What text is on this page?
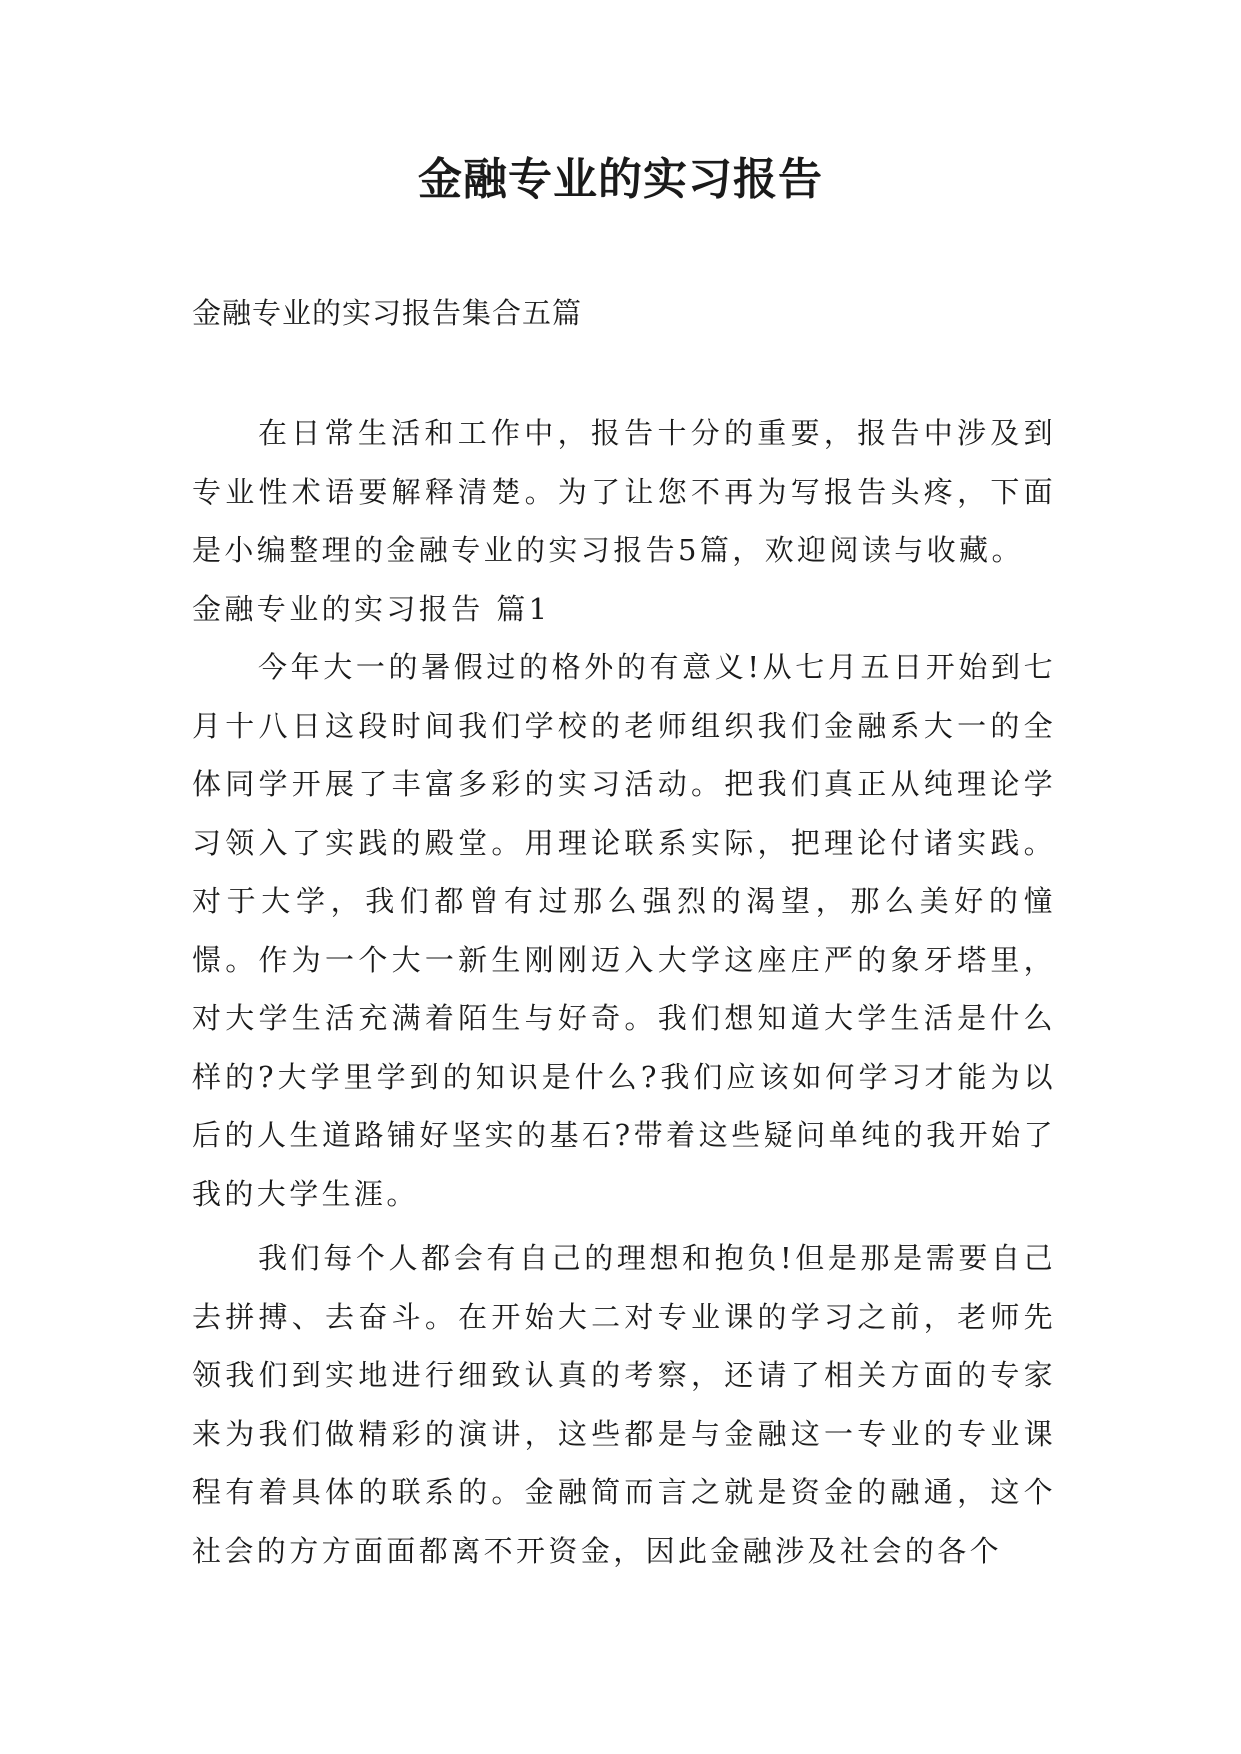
金融专业的实习报告
金融专业的实习报告集合五篇

在日常生活和工作中，报告十分的重要，报告中涉及到专业性术语要解释清楚。为了让您不再为写报告头疼，下面是小编整理的金融专业的实习报告5篇，欢迎阅读与收藏。

金融专业的实习报告 篇1

今年大一的暑假过的格外的有意义!从七月五日开始到七月十八日这段时间我们学校的老师组织我们金融系大一的全体同学开展了丰富多彩的实习活动。把我们真正从纯理论学习领入了实践的殿堂。用理论联系实际，把理论付诸实践。对于大学，我们都曾有过那么强烈的渴望，那么美好的憧憬。作为一个大一新生刚刚迈入大学这座庄严的象牙塔里，对大学生活充满着陌生与好奇。我们想知道大学生活是什么样的?大学里学到的知识是什么?我们应该如何学习才能为以后的人生道路铺好坚实的基石?带着这些疑问单纯的我开始了我的大学生涯。

我们每个人都会有自己的理想和抱负!但是那是需要自己去拼搏、去奋斗。在开始大二对专业课的学习之前，老师先领我们到实地进行细致认真的考察，还请了相关方面的专家来为我们做精彩的演讲，这些都是与金融这一专业的专业课程有着具体的联系的。金融简而言之就是资金的融通，这个社会的方方面面都离不开资金，因此金融涉及社会的各个
